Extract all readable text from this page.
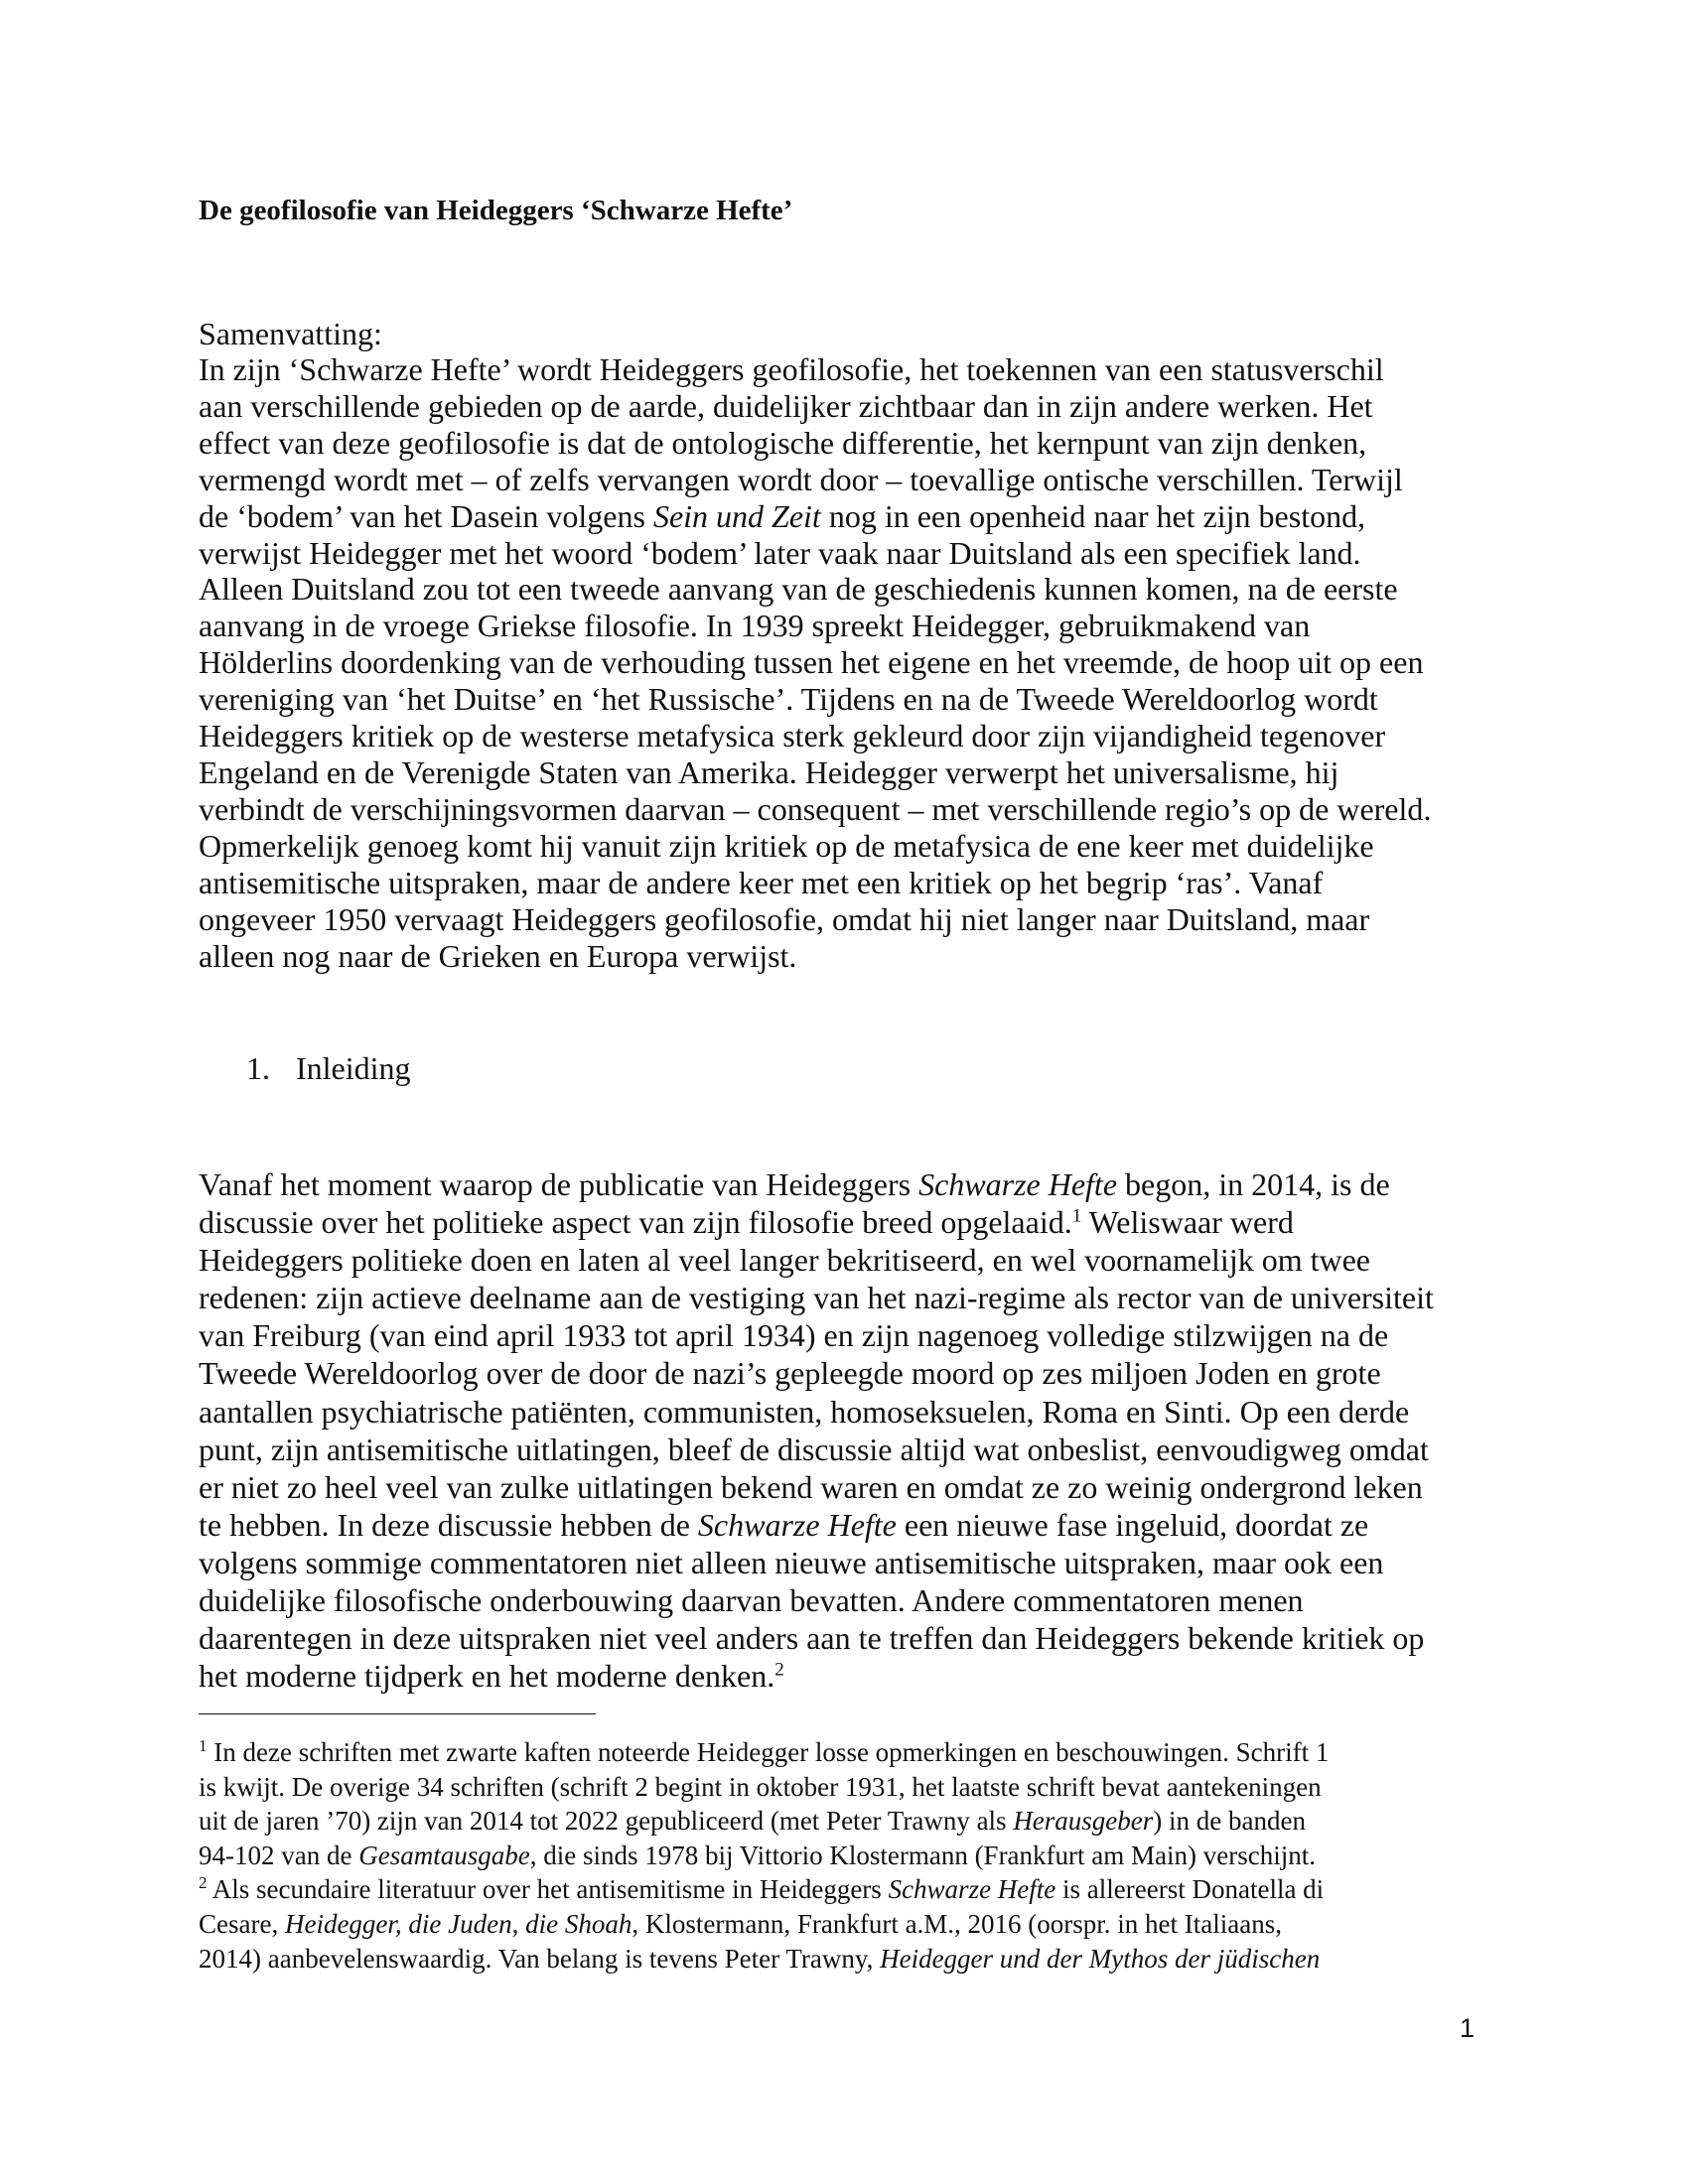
De geofilosofie van Heideggers ‘Schwarze Hefte’
Samenvatting:
In zijn ‘Schwarze Hefte’ wordt Heideggers geofilosofie, het toekennen van een statusverschil
aan verschillende gebieden op de aarde, duidelijker zichtbaar dan in zijn andere werken. Het
effect van deze geofilosofie is dat de ontologische differentie, het kernpunt van zijn denken,
vermengd wordt met – of zelfs vervangen wordt door – toevallige ontische verschillen. Terwijl
de ‘bodem’ van het Dasein volgens Sein und Zeit nog in een openheid naar het zijn bestond,
verwijst Heidegger met het woord ‘bodem’ later vaak naar Duitsland als een specifiek land.
Alleen Duitsland zou tot een tweede aanvang van de geschiedenis kunnen komen, na de eerste
aanvang in de vroege Griekse filosofie. In 1939 spreekt Heidegger, gebruikmakend van
Hölderlins doordenking van de verhouding tussen het eigene en het vreemde, de hoop uit op een
vereniging van ‘het Duitse’ en ‘het Russische’. Tijdens en na de Tweede Wereldoorlog wordt
Heideggers kritiek op de westerse metafysica sterk gekleurd door zijn vijandigheid tegenover
Engeland en de Verenigde Staten van Amerika. Heidegger verwerpt het universalisme, hij
verbindt de verschijningsvormen daarvan – consequent – met verschillende regio’s op de wereld.
Opmerkelijk genoeg komt hij vanuit zijn kritiek op de metafysica de ene keer met duidelijke
antisemitische uitspraken, maar de andere keer met een kritiek op het begrip ‘ras’. Vanaf
ongeveer 1950 vervaagt Heideggers geofilosofie, omdat hij niet langer naar Duitsland, maar
alleen nog naar de Grieken en Europa verwijst.
1. Inleiding
Vanaf het moment waarop de publicatie van Heideggers Schwarze Hefte begon, in 2014, is de
discussie over het politieke aspect van zijn filosofie breed opgelaaid.$^1$ Weliswaar werd
Heideggers politieke doen en laten al veel langer bekritiseerd, en wel voornamelijk om twee
redenen: zijn actieve deelname aan de vestiging van het nazi-regime als rector van de universiteit
van Freiburg (van eind april 1933 tot april 1934) en zijn nagenoeg volledige stilzwijgen na de
Tweede Wereldoorlog over de door de nazi’s gepleegde moord op zes miljoen Joden en grote
aantallen psychiatrische patiënten, communisten, homoseksuelen, Roma en Sinti. Op een derde
punt, zijn antisemitische uitlatingen, bleef de discussie altijd wat onbeslist, eenvoudigweg omdat
er niet zo heel veel van zulke uitlatingen bekend waren en omdat ze zo weinig ondergrond leken
te hebben. In deze discussie hebben de Schwarze Hefte een nieuwe fase ingeluid, doordat ze
volgens sommige commentatoren niet alleen nieuwe antisemitische uitspraken, maar ook een
duidelijke filosofische onderbouwing daarvan bevatten. Andere commentatoren menen
daarentegen in deze uitspraken niet veel anders aan te treffen dan Heideggers bekende kritiek op
het moderne tijdperk en het moderne denken.$^2$
$^1$ In deze schriften met zwarte kaften noteerde Heidegger losse opmerkingen en beschouwingen. Schrift 1
is kwijt. De overige 34 schriften (schrift 2 begint in oktober 1931, het laatste schrift bevat aantekeningen
uit de jaren ’70) zijn van 2014 tot 2022 gepubliceerd (met Peter Trawny als Herausgeber) in de banden
94-102 van de Gesamtausgabe, die sinds 1978 bij Vittorio Klostermann (Frankfurt am Main) verschijnt.
$^2$ Als secundaire literatuur over het antisemitisme in Heideggers Schwarze Hefte is allereerst Donatella di
Cesare, Heidegger, die Juden, die Shoah, Klostermann, Frankfurt a.M., 2016 (oorspr. in het Italiaans,
2014) aanbevelenswaardig. Van belang is tevens Peter Trawny, Heidegger und der Mythos der jüdischen
1
